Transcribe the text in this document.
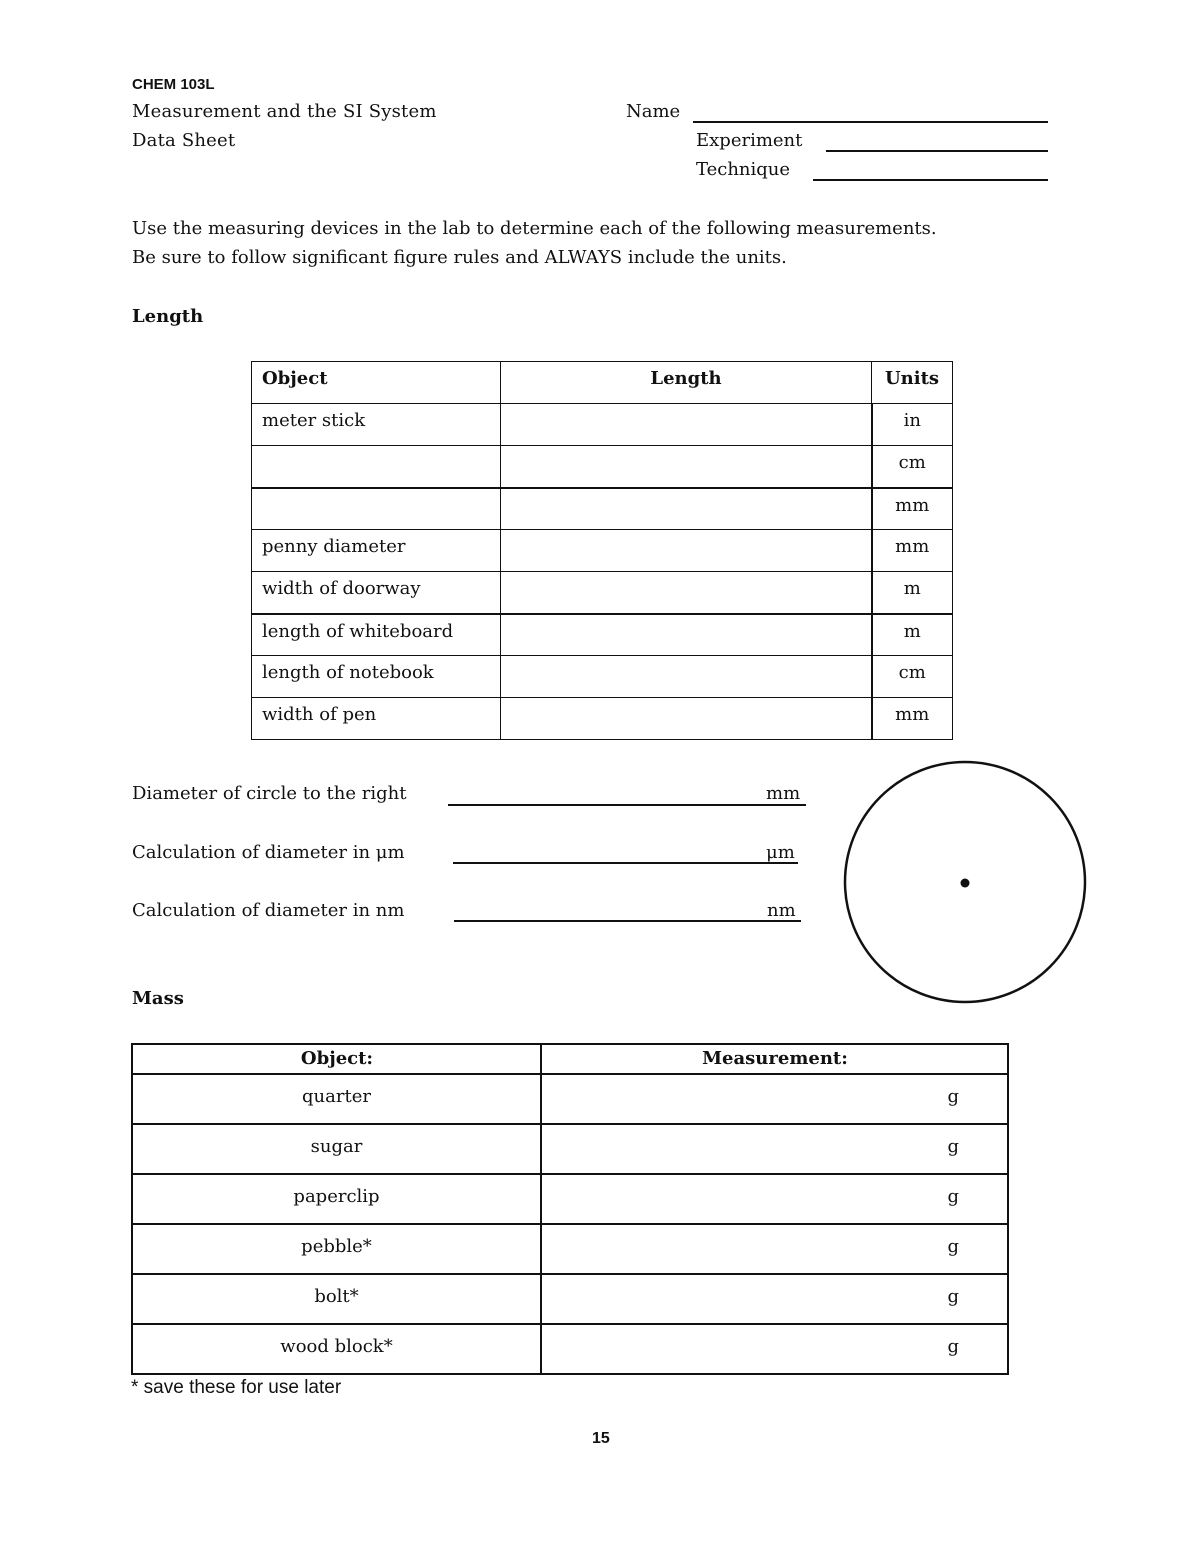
CHEM 103L
Measurement and the SI System
Data Sheet
Name
Experiment
Technique
Use the measuring devices in the lab to determine each of the following measurements.
Be sure to follow significant figure rules and ALWAYS include the units.
Length
Object	Length	Units

meter stick		in

		cm

		mm

penny diameter		mm

width of doorway		m

length of whiteboard		m

length of notebook		cm

width of pen		mm
Diameter of circle to the right	mm
Calculation of diameter in μm	μm
Calculation of diameter in nm	nm
Mass
Object:	Measurement:

quarter	g

sugar	g

paperclip	g

pebble*	g

bolt*	g

wood block*	g
* save these for use later
15
